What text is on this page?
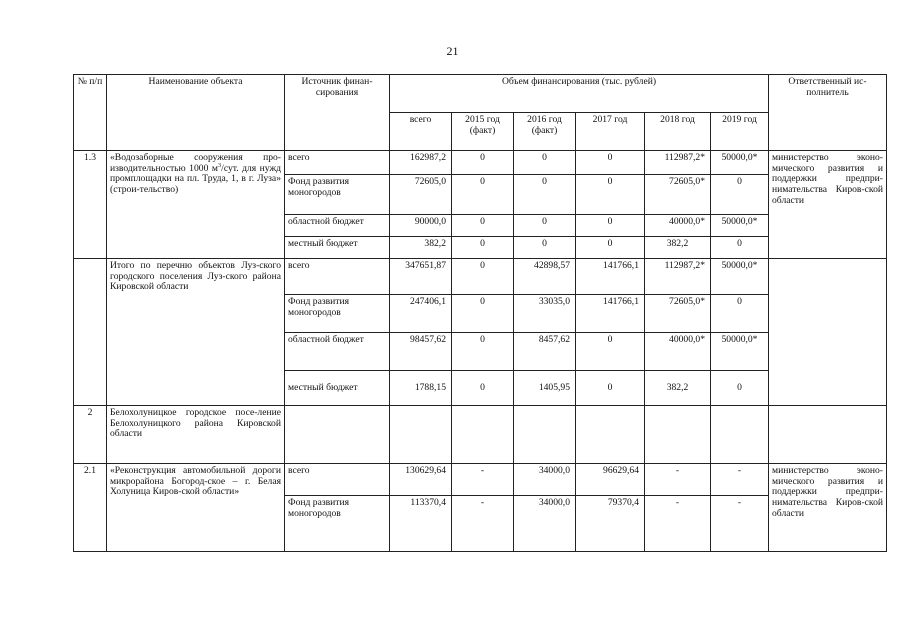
21
№ п/п	Наименование объекта	Источник финан-сирования	Объем финансирования (тыс. рублей)						Ответственный ис-полнитель
			всего	2015 год (факт)	2016 год (факт)	2017 год	2018 год	2019 год	
1.3	«Водозаборные сооружения про-изводительностью 1000 $м^3$/сут. для нужд промплощадки на пл. Труда, 1, в г. Луза» (строи-тельство)	всего	162987,2	0	0	0	112987,2*	50000,0*	министерство эконо-мического развития и поддержки предпри-нимательства Киров-ской области
		Фонд развития моногородов	72605,0	0	0	0	72605,0*	0	
		областной бюджет	90000,0	0	0	0	40000,0*	50000,0*	
		местный бюджет	382,2	0	0	0	382,2	0	
	Итого по перечню объектов Луз-ского городского поселения Луз-ского района Кировской области	всего	347651,87	0	42898,57	141766,1	112987,2*	50000,0*	
		Фонд развития моногородов	247406,1	0	33035,0	141766,1	72605,0*	0	
		областной бюджет	98457,62	0	8457,62	0	40000,0*	50000,0*	
		местный бюджет	1788,15	0	1405,95	0	382,2	0	
2	Белохолуницкое городское посе-ление Белохолуницкого района Кировской области								
2.1	«Реконструкция автомобильной дороги микрорайона Богород-ское – г. Белая Холуница Киров-ской области»	всего	130629,64	-	34000,0	96629,64	-	-	министерство эконо-мического развития и поддержки предпри-нимательства Киров-ской области
		Фонд развития моногородов	113370,4	-	34000,0	79370,4	-	-	
